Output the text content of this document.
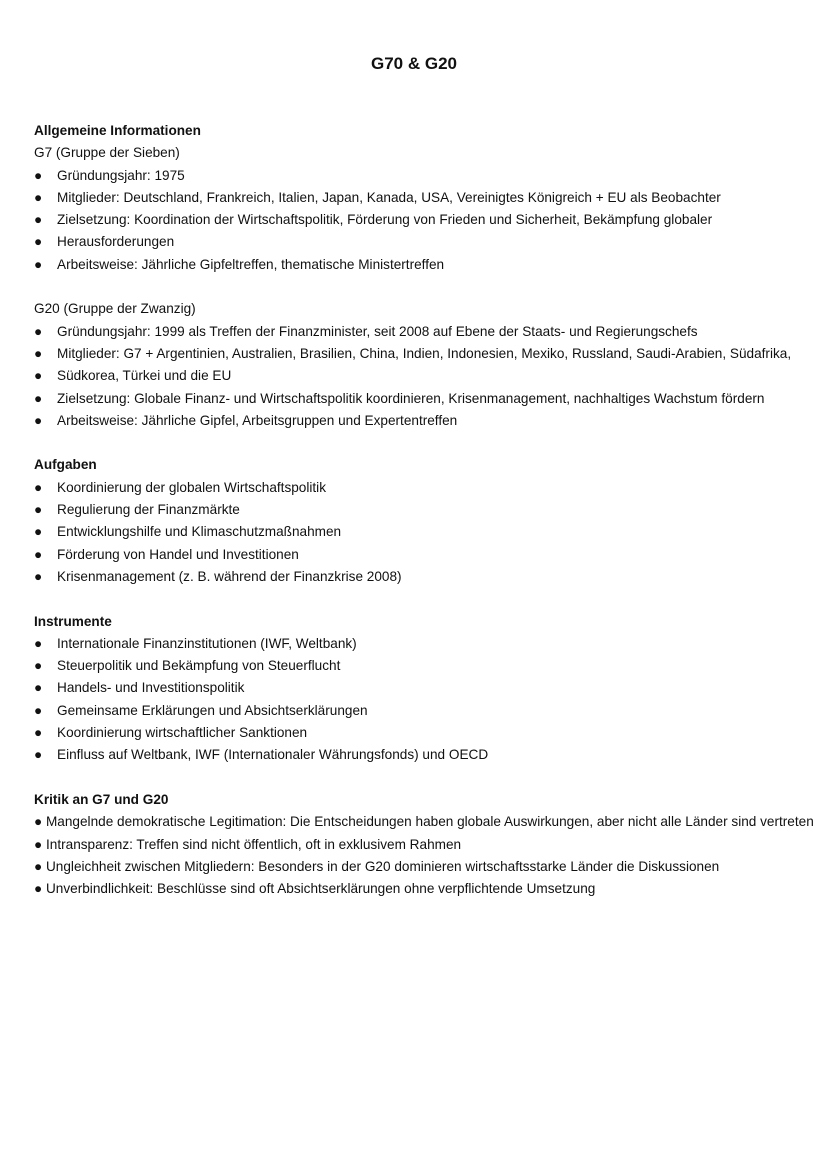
G70 & G20

Allgemeine Informationen

G7 (Gruppe der Sieben)

● Gründungsjahr: 1975
● Mitglieder: Deutschland, Frankreich, Italien, Japan, Kanada, USA, Vereinigtes Königreich + EU als Beobachter
● Zielsetzung: Koordination der Wirtschaftspolitik, Förderung von Frieden und Sicherheit, Bekämpfung globaler
● Herausforderungen
● Arbeitsweise: Jährliche Gipfeltreffen, thematische Ministertreffen

G20 (Gruppe der Zwanzig)

● Gründungsjahr: 1999 als Treffen der Finanzminister, seit 2008 auf Ebene der Staats- und Regierungschefs
● Mitglieder: G7 + Argentinien, Australien, Brasilien, China, Indien, Indonesien, Mexiko, Russland, Saudi-Arabien, Südafrika,
● Südkorea, Türkei und die EU
● Zielsetzung: Globale Finanz- und Wirtschaftspolitik koordinieren, Krisenmanagement, nachhaltiges Wachstum fördern
● Arbeitsweise: Jährliche Gipfel, Arbeitsgruppen und Expertentreffen

Aufgaben

● Koordinierung der globalen Wirtschaftspolitik
● Regulierung der Finanzmärkte
● Entwicklungshilfe und Klimaschutzmaßnahmen
● Förderung von Handel und Investitionen
● Krisenmanagement (z. B. während der Finanzkrise 2008)

Instrumente

● Internationale Finanzinstitutionen (IWF, Weltbank)
● Steuerpolitik und Bekämpfung von Steuerflucht
● Handels- und Investitionspolitik
● Gemeinsame Erklärungen und Absichtserklärungen
● Koordinierung wirtschaftlicher Sanktionen
● Einfluss auf Weltbank, IWF (Internationaler Währungsfonds) und OECD

Kritik an G7 und G20

● Mangelnde demokratische Legitimation: Die Entscheidungen haben globale Auswirkungen, aber nicht alle Länder sind vertreten
● Intransparenz: Treffen sind nicht öffentlich, oft in exklusivem Rahmen
● Ungleichheit zwischen Mitgliedern: Besonders in der G20 dominieren wirtschaftsstarke Länder die Diskussionen
● Unverbindlichkeit: Beschlüsse sind oft Absichtserklärungen ohne verpflichtende Umsetzung
